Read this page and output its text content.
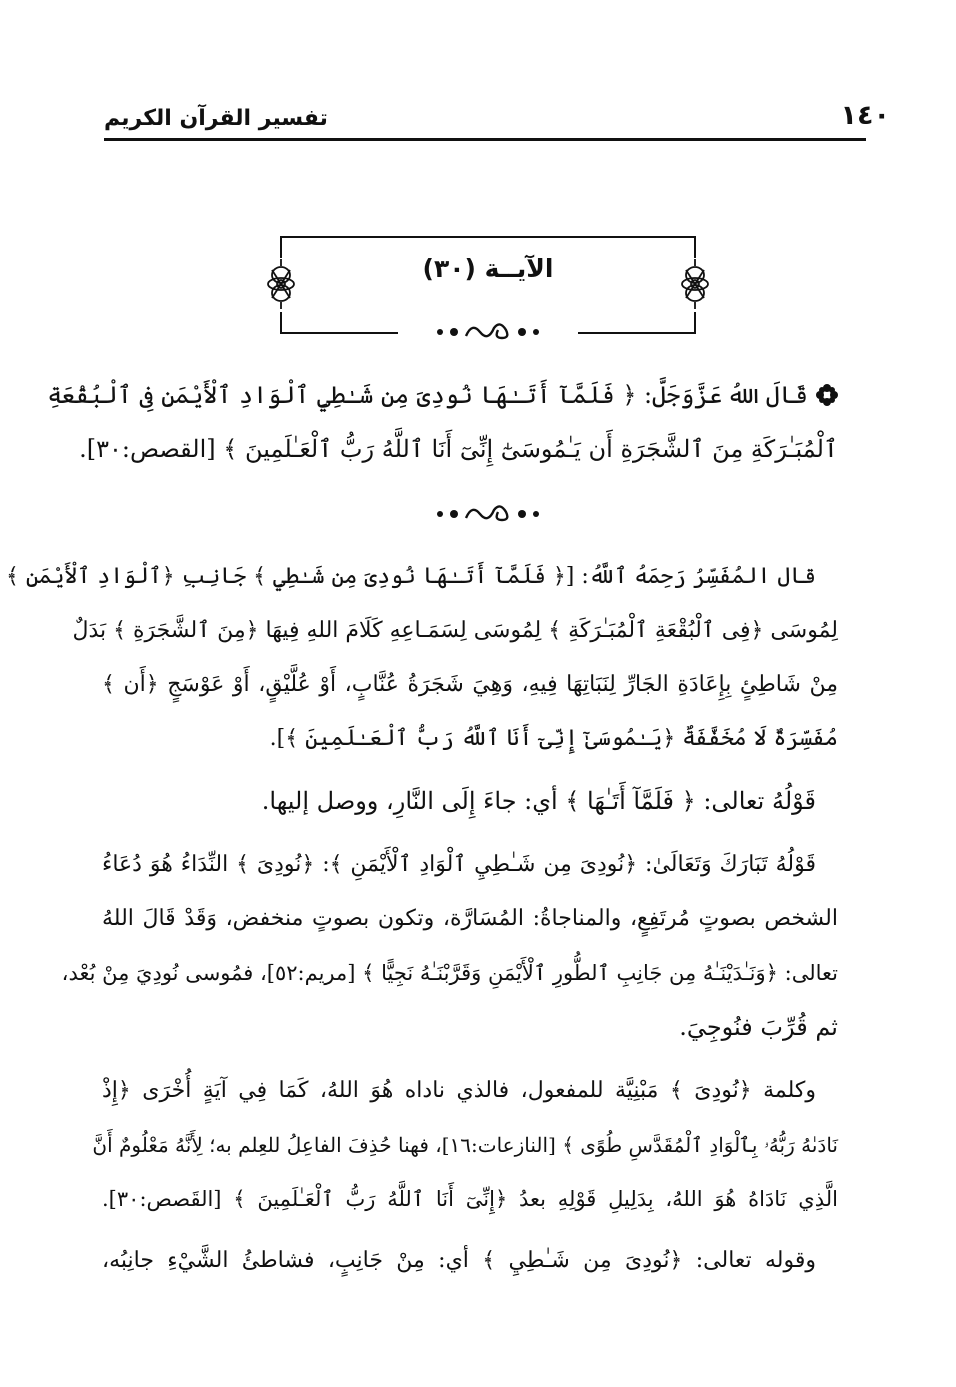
١٤٠
تفسير القرآن الكريم
الآيــة (٣٠)
قَالَ اللهُ عَزَّوَجَلَّ: ﴿ فَلَمَّآ أَتَـٰهَا نُودِىَ مِن شَـٰطِيِ ٱلْوَادِ ٱلْأَيْمَنِ فِى ٱلْبُقْعَةِ
ٱلْمُبَـٰرَكَةِ مِنَ ٱلشَّجَرَةِ أَن يَـٰمُوسَىٰٓ إِنِّىٓ أَنَا ٱللَّهُ رَبُّ ٱلْعَـٰلَمِينَ ﴾ [القصص:٣٠].
قال المُفَسِّرُ رَحِمَهُ ٱللَّهُ: [﴿ فَلَمَّآ أَتَـٰهَا نُودِىَ مِن شَـٰطِيِ ﴾ جَانِبِ ﴿ٱلْوَادِ ٱلْأَيْمَنِ ﴾
لِمُوسَى ﴿فِى ٱلْبُقْعَةِ ٱلْمُبَـٰرَكَةِ ﴾ لِمُوسَى لِسَمَـاعِهِ كَلَامَ اللهِ فِيهَا ﴿مِنَ ٱلشَّجَرَةِ ﴾ بَدَلٌ
مِنْ شَاطِئٍ بِإِعَادَةِ الجَارِّ لِنَبَاتِهَا فِيهِ، وَهِيَ شَجَرَةُ عُنَّابٍ، أَوْ عُلَّيْقٍ، أَوْ عَوْسَجٍ ﴿أَن ﴾
مُفَسِّرَةٌ لَا مُخَفَّفَةٌ ﴿يَـٰمُوسَىٰٓ إِنِّىٓ أَنَا ٱللَّهُ رَبُّ ٱلْعَـٰلَمِينَ ﴾].
قَوْلُهُ تعالى: ﴿ فَلَمَّآ أَتَـٰهَا ﴾ أي: جاءَ إِلَى النَّارِ، ووصل إليها.
قَوْلُهُ تَبَارَكَ وَتَعَالَىٰ: ﴿نُودِىَ مِن شَـٰطِيِ ٱلْوَادِ ٱلْأَيْمَنِ ﴾: ﴿نُودِىَ ﴾ النِّدَاءُ هُوَ دُعَاءُ
الشخص بصوتٍ مُرتَفِعٍ، والمناجاةُ: المُسَارَّة، وتكون بصوتٍ منخفض، وَقَدْ قَالَ اللهُ
تعالى: ﴿وَنَـٰدَيْنَـٰهُ مِن جَانِبِ ٱلطُّورِ ٱلْأَيْمَنِ وَقَرَّبْنَـٰهُ نَجِيًّا ﴾ [مريم:٥٢]، فمُوسى نُودِيَ مِنْ بُعْد،
ثم قُرِّبَ فنُوجِيَ.
وكلمة ﴿نُودِىَ ﴾ مَبْنِيَّة للمفعول، فالذي ناداه هُوَ اللهُ، كَمَا فِي آيَةٍ أُخْرَى ﴿إِذْ
نَادَىٰهُ رَبُّهُۥ بِٱلْوَادِ ٱلْمُقَدَّسِ طُوًى ﴾ [النازعات:١٦]، فهنا حُذِفَ الفاعِلُ للعِلم به؛ لِأَنَّهُ مَعْلُومٌ أَنَّ
الَّذِي نَادَاهُ هُوَ اللهُ، بِدَلِيلِ قَوْلِهِ بعدُ ﴿إِنِّىٓ أَنَا ٱللَّهُ رَبُّ ٱلْعَـٰلَمِينَ ﴾ [القَصص:٣٠].
وقوله تعالى: ﴿نُودِىَ مِن شَـٰطِيِ ﴾ أي: مِنْ جَانِبٍ، فشاطئُ الشَّيْءِ جانِبُه،
